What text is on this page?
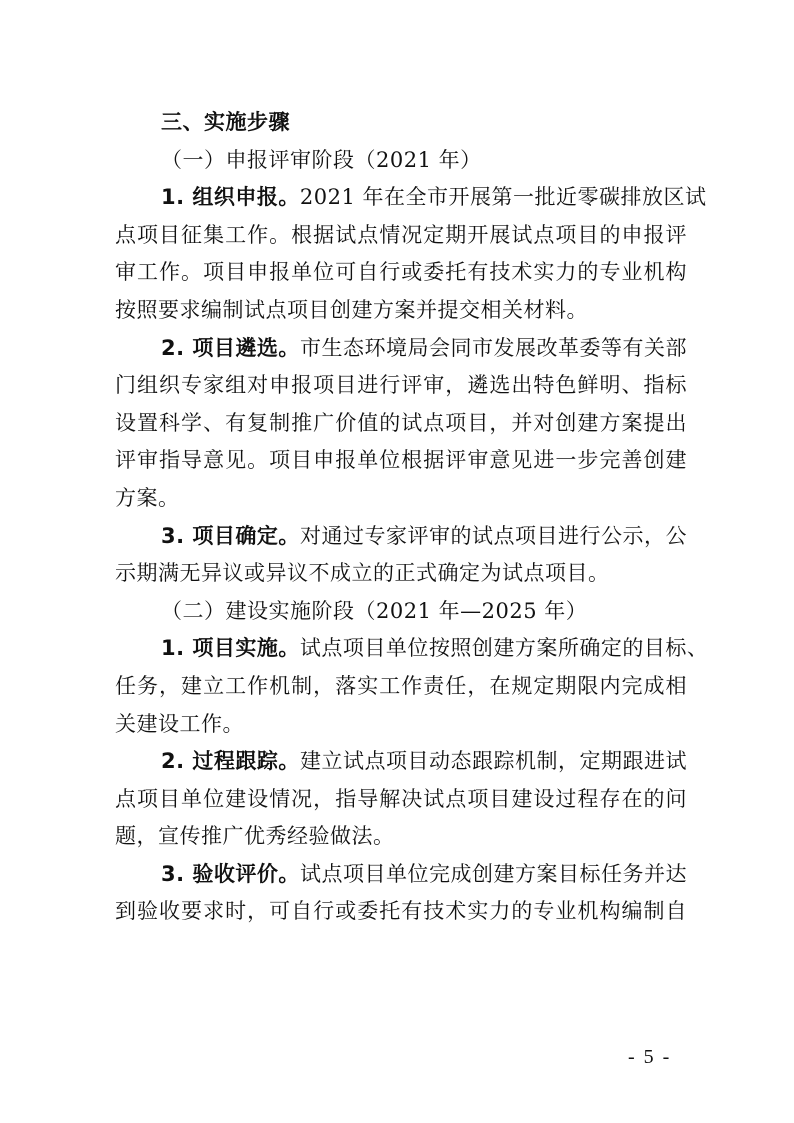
三、实施步骤
（一）申报评审阶段（2021 年）
1. 组织申报。2021 年在全市开展第一批近零碳排放区试
点项目征集工作。根据试点情况定期开展试点项目的申报评
审工作。项目申报单位可自行或委托有技术实力的专业机构
按照要求编制试点项目创建方案并提交相关材料。
2. 项目遴选。市生态环境局会同市发展改革委等有关部
门组织专家组对申报项目进行评审，遴选出特色鲜明、指标
设置科学、有复制推广价值的试点项目，并对创建方案提出
评审指导意见。项目申报单位根据评审意见进一步完善创建
方案。
3. 项目确定。对通过专家评审的试点项目进行公示，公
示期满无异议或异议不成立的正式确定为试点项目。
（二）建设实施阶段（2021 年—2025 年）
1. 项目实施。试点项目单位按照创建方案所确定的目标、
任务，建立工作机制，落实工作责任，在规定期限内完成相
关建设工作。
2. 过程跟踪。建立试点项目动态跟踪机制，定期跟进试
点项目单位建设情况，指导解决试点项目建设过程存在的问
题，宣传推广优秀经验做法。
3. 验收评价。试点项目单位完成创建方案目标任务并达
到验收要求时，可自行或委托有技术实力的专业机构编制自
- 5 -
